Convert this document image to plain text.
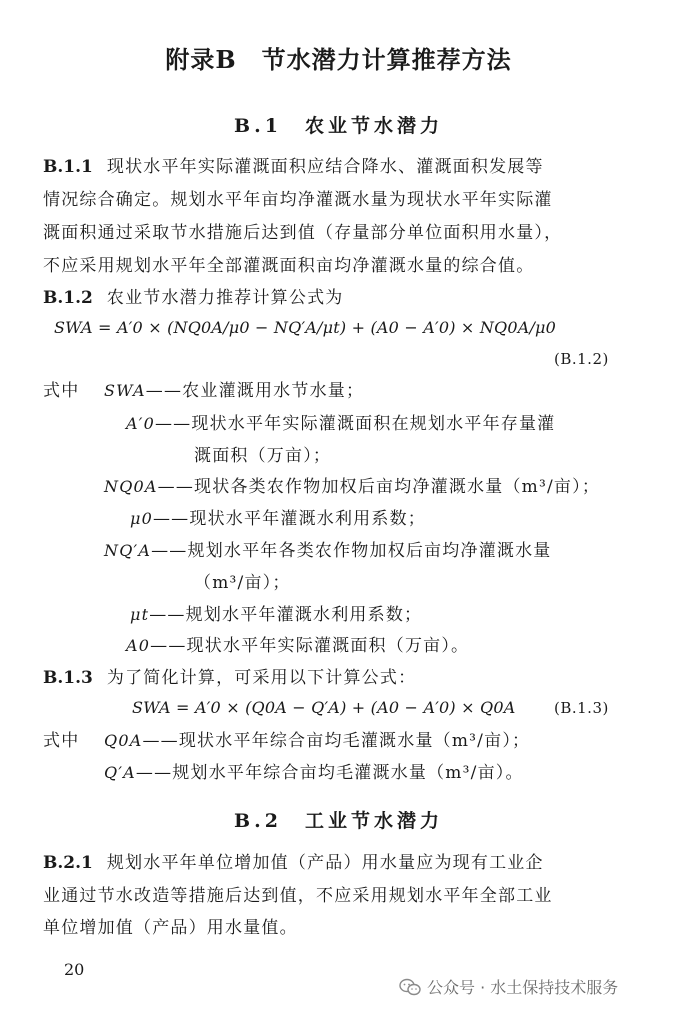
附录B　节水潜力计算推荐方法
B.1　农业节水潜力
B.1.1 现状水平年实际灌溉面积应结合降水、灌溉面积发展等
情况综合确定。规划水平年亩均净灌溉水量为现状水平年实际灌
溉面积通过采取节水措施后达到值（存量部分单位面积用水量），
不应采用规划水平年全部灌溉面积亩均净灌溉水量的综合值。
B.1.2 农业节水潜力推荐计算公式为
SWA = A′0 × (NQ0A/μ0 − NQ′A/μt) + (A0 − A′0) × NQ0A/μ0
(B.1.2)
式中 SWA——农业灌溉用水节水量；
A′0——现状水平年实际灌溉面积在规划水平年存量灌
溉面积（万亩）；
NQ0A——现状各类农作物加权后亩均净灌溉水量（m³/亩）；
μ0——现状水平年灌溉水利用系数；
NQ′A——规划水平年各类农作物加权后亩均净灌溉水量
（m³/亩）；
μt——规划水平年灌溉水利用系数；
A0——现状水平年实际灌溉面积（万亩）。
B.1.3 为了简化计算，可采用以下计算公式：
SWA = A′0 × (Q0A − Q′A) + (A0 − A′0) × Q0A	(B.1.3)
式中 Q0A——现状水平年综合亩均毛灌溉水量（m³/亩）；
Q′A——规划水平年综合亩均毛灌溉水量（m³/亩）。
B.2　工业节水潜力
B.2.1 规划水平年单位增加值（产品）用水量应为现有工业企
业通过节水改造等措施后达到值，不应采用规划水平年全部工业
单位增加值（产品）用水量值。
20
公众号 · 水土保持技术服务
